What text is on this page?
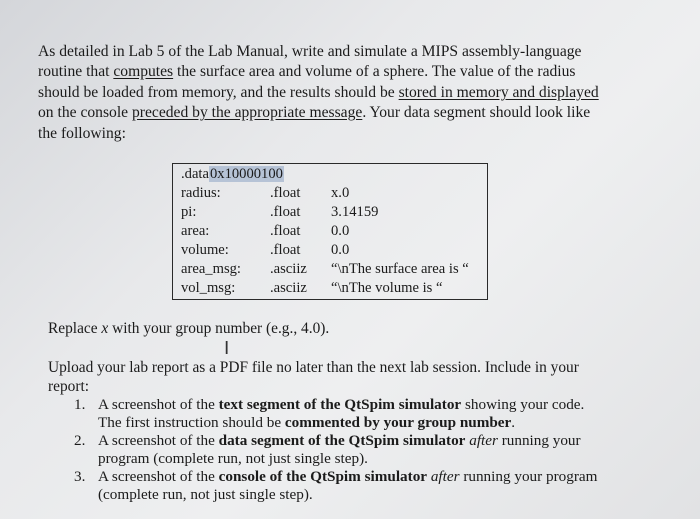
As detailed in Lab 5 of the Lab Manual, write and simulate a MIPS assembly-language
routine that computes the surface area and volume of a sphere. The value of the radius
should be loaded from memory, and the results should be stored in memory and displayed
on the console preceded by the appropriate message. Your data segment should look like
the following:
.data0x10000100
radius:	.float x.0
pi:	.float 3.14159
area:	.float 0.0
volume:	.float 0.0
area_msg: .asciiz “\nThe surface area is “
vol_msg: .asciiz “\nThe volume is “
Replace x with your group number (e.g., 4.0).
I
Upload your lab report as a PDF file no later than the next lab session. Include in your
report:
1. A screenshot of the text segment of the QtSpim simulator showing your code.
The first instruction should be commented by your group number.
2. A screenshot of the data segment of the QtSpim simulator after running your
program (complete run, not just single step).
3. A screenshot of the console of the QtSpim simulator after running your program
(complete run, not just single step).
